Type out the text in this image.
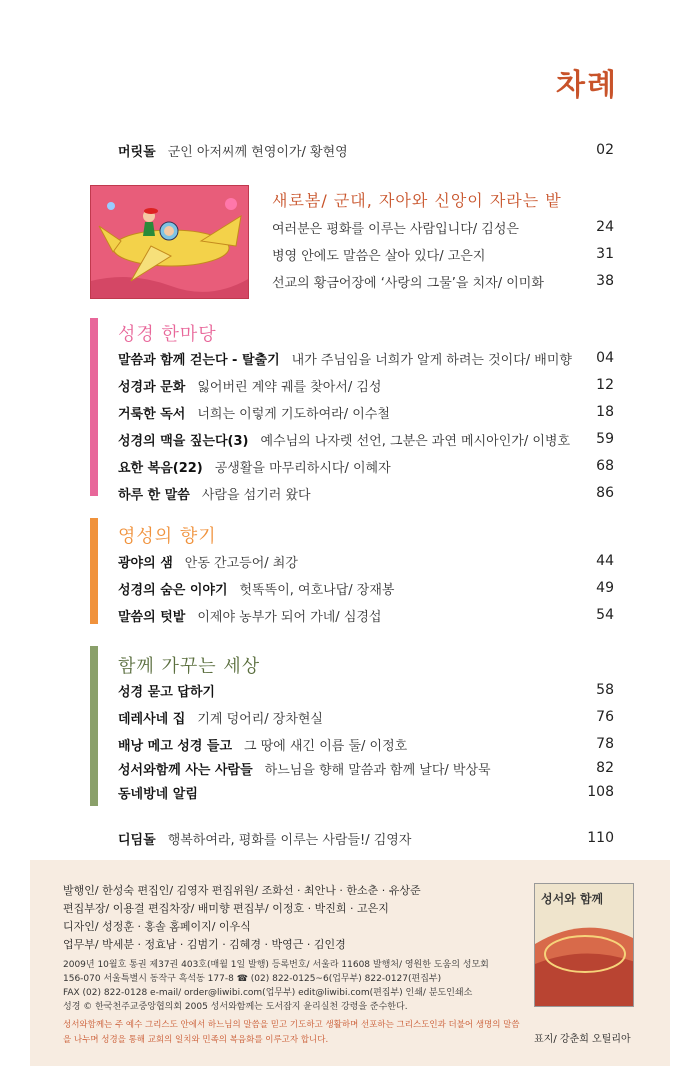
차례
머릿돌 군인 아저씨께 현영이가/ 황현영	02
새로봄/ 군대, 자아와 신앙이 자라는 밭
여러분은 평화를 이루는 사람입니다/ 김성은	24
병영 안에도 말씀은 살아 있다/ 고은지	31
선교의 황금어장에 ‘사랑의 그물’을 치자/ 이미화	38
성경 한마당
말씀과 함께 걷는다 - 탈출기 내가 주님임을 너희가 알게 하려는 것이다/ 배미향	04
성경과 문화 잃어버린 계약 궤를 찾아서/ 김성	12
거룩한 독서 너희는 이렇게 기도하여라/ 이수철	18
성경의 맥을 짚는다(3) 예수님의 나자렛 선언, 그분은 과연 메시아인가/ 이병호	59
요한 복음(22) 공생활을 마무리하시다/ 이혜자	68
하루 한 말씀 사람을 섬기러 왔다	86
영성의 향기
광야의 샘 안동 간고등어/ 최강	44
성경의 숨은 이야기 헛똑똑이, 여호나답/ 장재봉	49
말씀의 텃밭 이제야 농부가 되어 가네/ 심경섭	54
함께 가꾸는 세상
성경 묻고 답하기	58
데레사네 집 기계 덩어리/ 장차현실	76
배낭 메고 성경 들고 그 땅에 새긴 이름 둘/ 이정호	78
성서와함께 사는 사람들 하느님을 향해 말씀과 함께 날다/ 박상묵	82
동네방네 알림	108
디딤돌 행복하여라, 평화를 이루는 사람들!/ 김영자	110
발행인/ 한성숙 편집인/ 김영자 편집위원/ 조화선 · 최안나 · 한소춘 · 유상준
편집부장/ 이용결 편집차장/ 배미향 편집부/ 이정호 · 박진희 · 고은지
디자인/ 성정훈 · 홍솔 홈페이지/ 이우식
업무부/ 박세분 · 정효남 · 김범기 · 김혜경 · 박영근 · 김인경
2009년 10월호 통권 제37권 403호(매월 1일 발행) 등록번호/ 서울라 11608 발행처/ 영원한 도움의 성모회
156-070 서울특별시 동작구 흑석동 177-8 ☎ (02) 822-0125~6(업무부) 822-0127(편집부)
FAX (02) 822-0128 e-mail/ order@liwibi.com(업무부) edit@liwibi.com(편집부) 인쇄/ 분도인쇄소
성경 © 한국천주교중앙협의회 2005 성서와함께는 도서잡지 윤리실천 강령을 준수한다.
성서와함께는 주 예수 그리스도 안에서 하느님의 말씀을 믿고 기도하고 생활하며 선포하는 그리스도인과 더불어 생명의 말씀을 나누며 성경을 통해 교회의 일치와 민족의 복음화를 이루고자 합니다.
성서와 함께
표지/ 강춘희 오틸리아
